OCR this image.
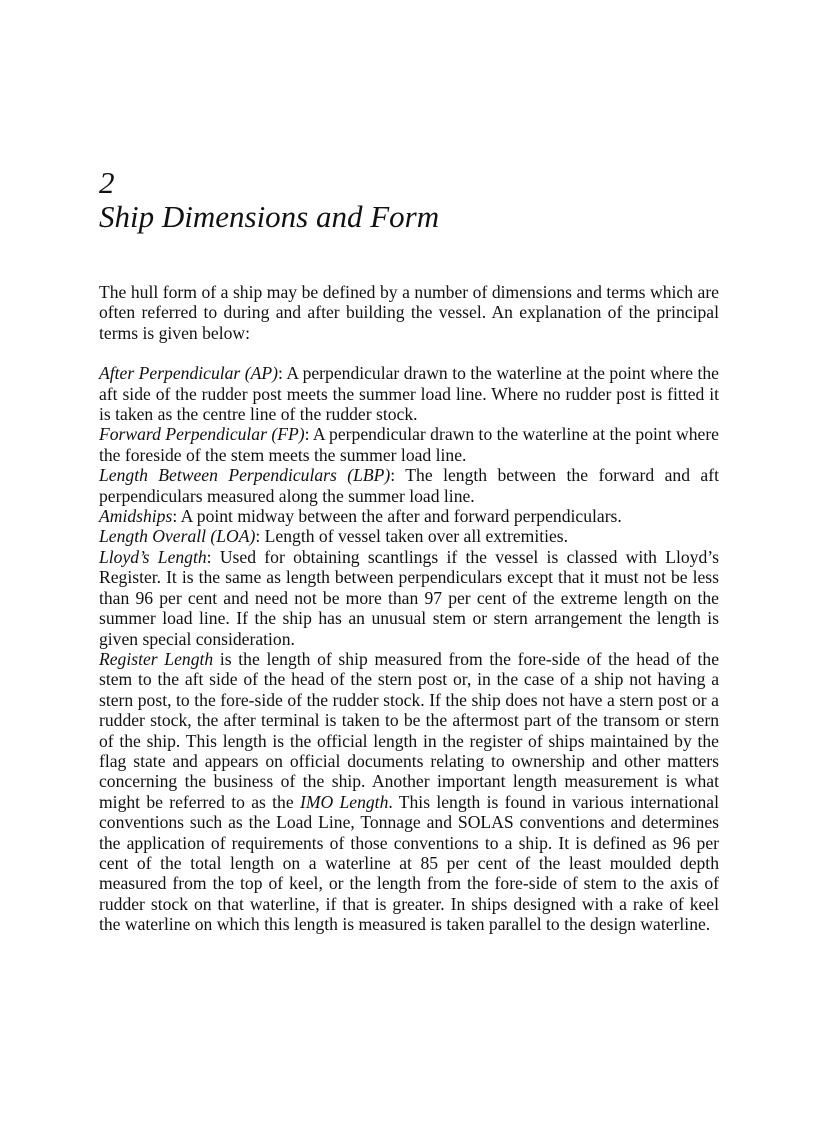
2
Ship Dimensions and Form

The hull form of a ship may be defined by a number of dimensions and terms which are often referred to during and after building the vessel. An explanation of the principal terms is given below:

After Perpendicular (AP): A perpendicular drawn to the waterline at the point where the aft side of the rudder post meets the summer load line. Where no rudder post is fitted it is taken as the centre line of the rudder stock.

Forward Perpendicular (FP): A perpendicular drawn to the waterline at the point where the foreside of the stem meets the summer load line.

Length Between Perpendiculars (LBP): The length between the forward and aft perpendiculars measured along the summer load line.

Amidships: A point midway between the after and forward perpendiculars.

Length Overall (LOA): Length of vessel taken over all extremities.

Lloyd’s Length: Used for obtaining scantlings if the vessel is classed with Lloyd’s Register. It is the same as length between perpendiculars except that it must not be less than 96 per cent and need not be more than 97 per cent of the extreme length on the summer load line. If the ship has an unusual stem or stern arrangement the length is given special consideration.

Register Length is the length of ship measured from the fore-side of the head of the stem to the aft side of the head of the stern post or, in the case of a ship not having a stern post, to the fore-side of the rudder stock. If the ship does not have a stern post or a rudder stock, the after terminal is taken to be the aftermost part of the transom or stern of the ship. This length is the official length in the register of ships maintained by the flag state and appears on official documents relating to ownership and other matters concerning the business of the ship. Another important length measurement is what might be referred to as the IMO Length. This length is found in various international conventions such as the Load Line, Tonnage and SOLAS conventions and determines the application of requirements of those conventions to a ship. It is defined as 96 per cent of the total length on a waterline at 85 per cent of the least moulded depth measured from the top of keel, or the length from the fore-side of stem to the axis of rudder stock on that waterline, if that is greater. In ships designed with a rake of keel the waterline on which this length is measured is taken parallel to the design waterline.
